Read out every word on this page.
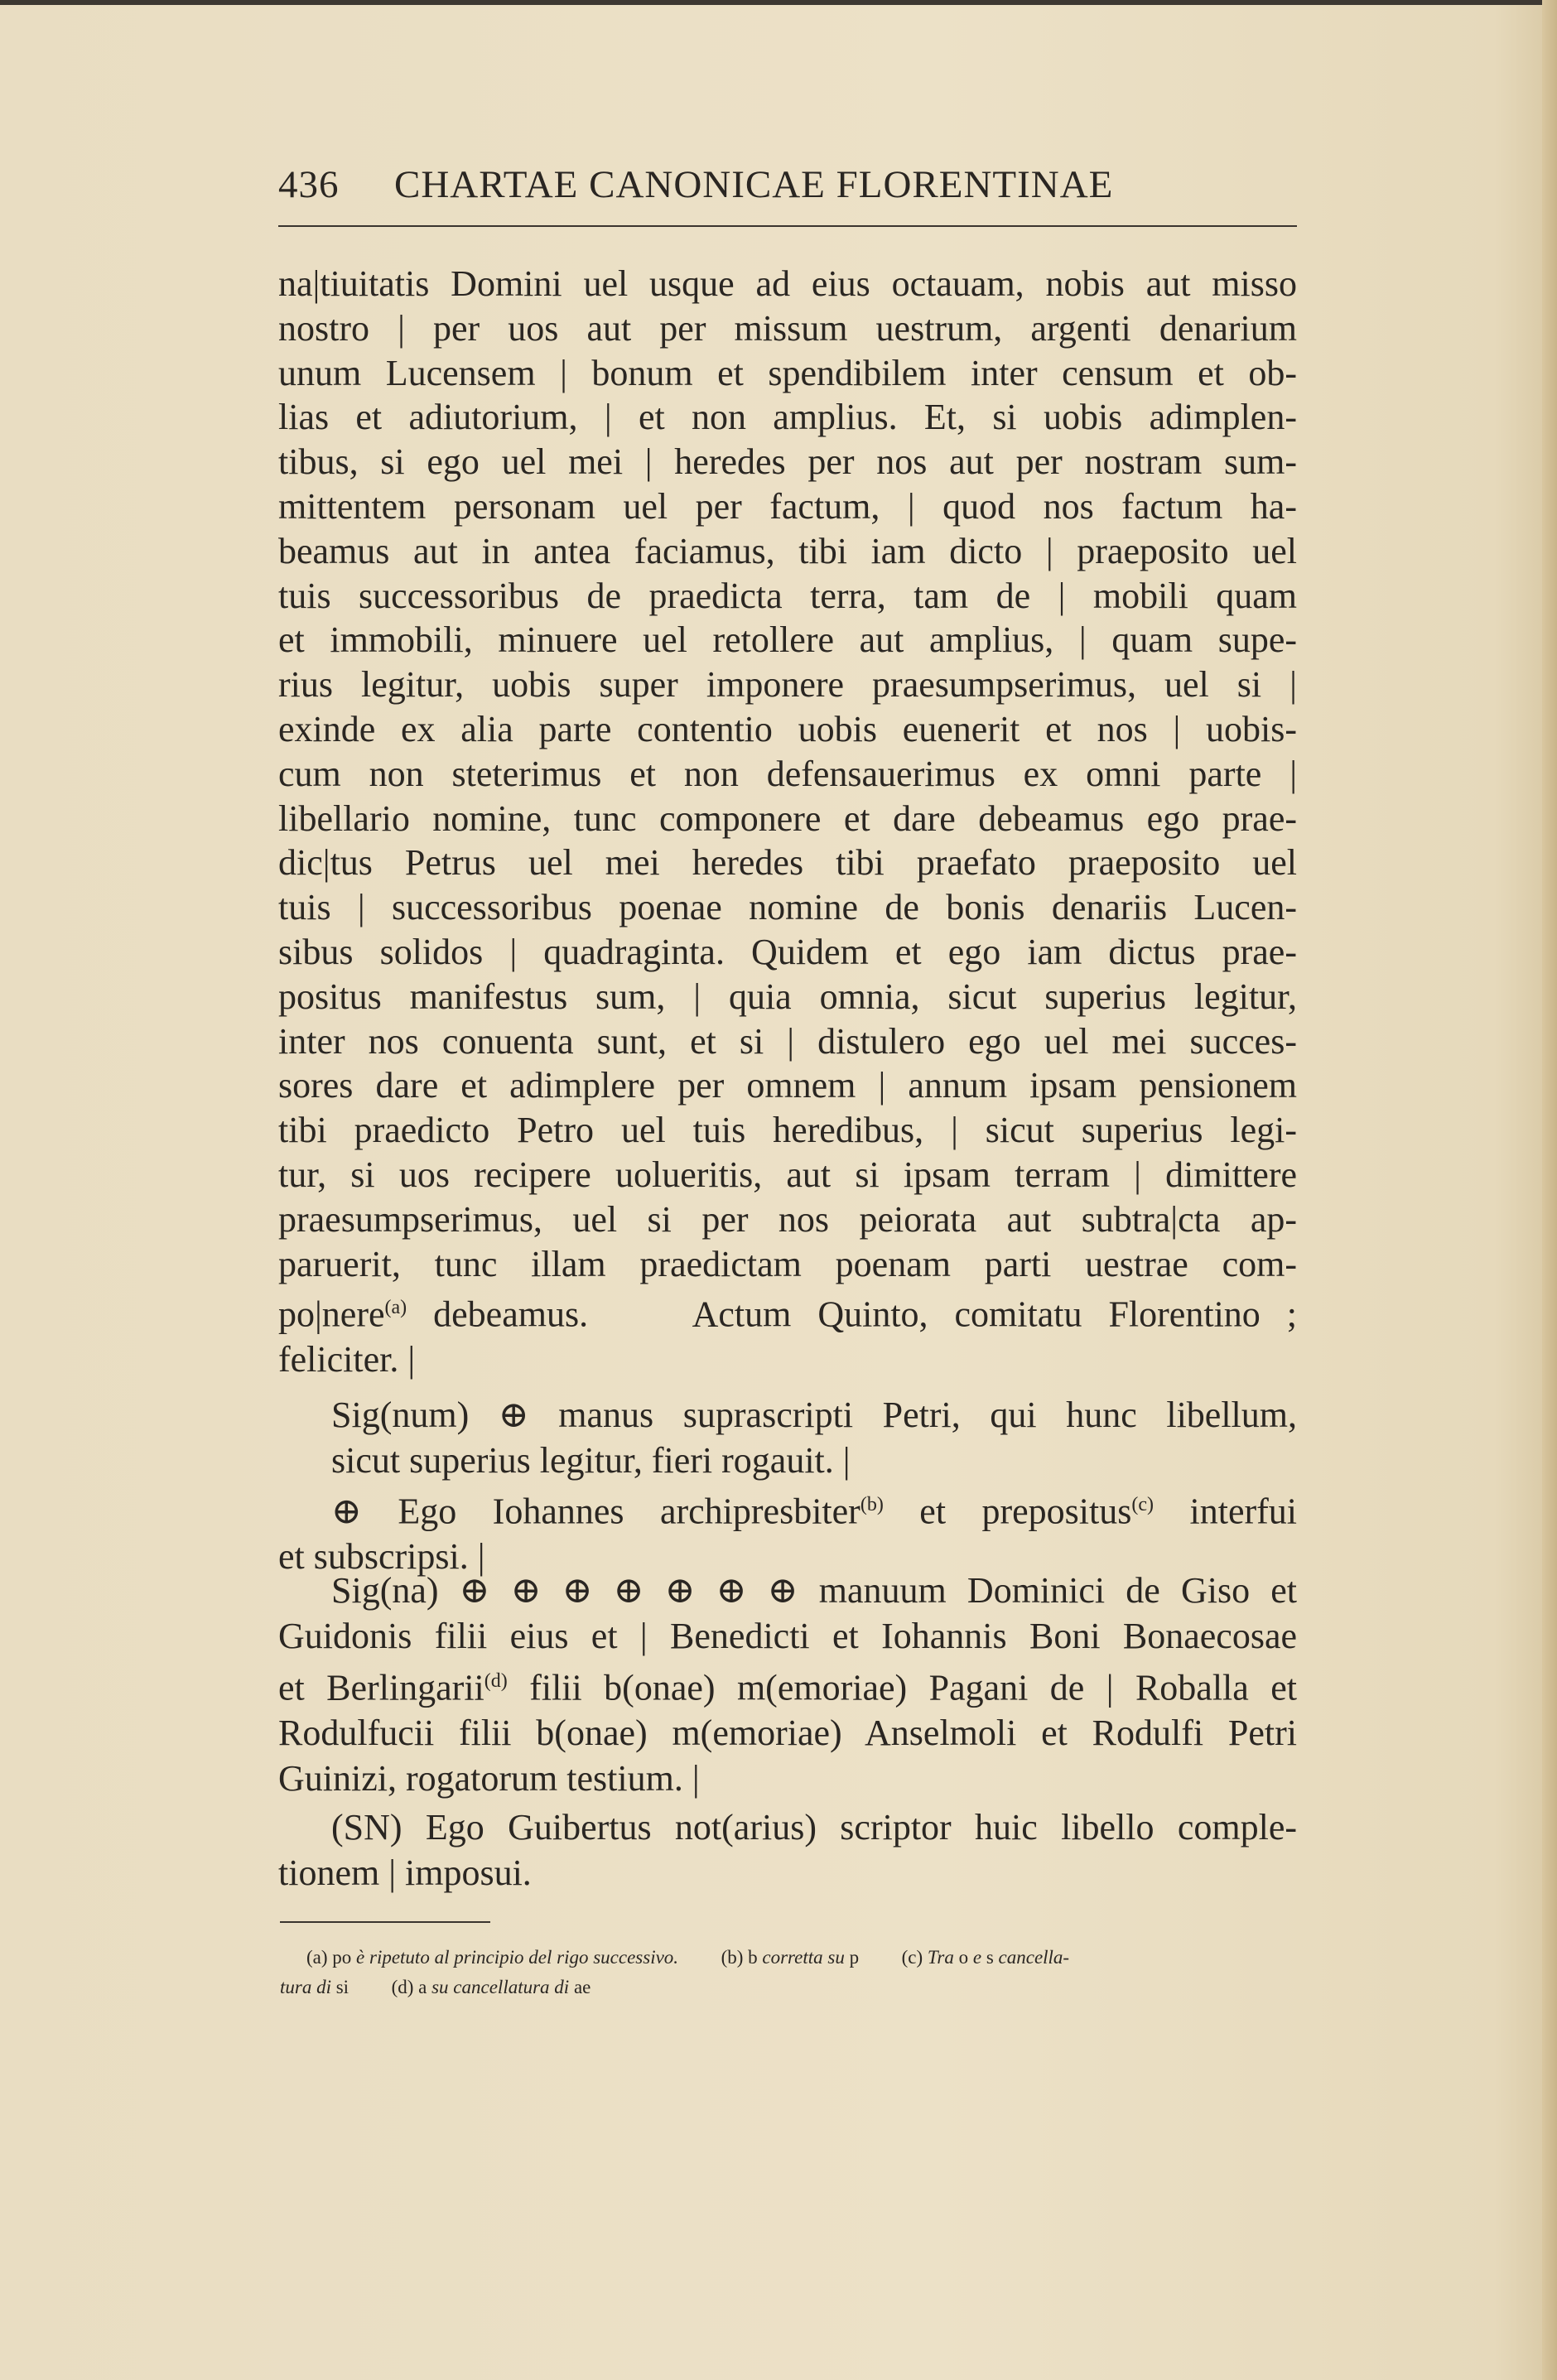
436 CHARTAE CANONICAE FLORENTINAE
na|tiuitatis Domini uel usque ad eius octauam, nobis aut misso
nostro | per uos aut per missum uestrum, argenti denarium
unum Lucensem | bonum et spendibilem inter censum et ob-
lias et adiutorium, | et non amplius. Et, si uobis adimplen-
tibus, si ego uel mei | heredes per nos aut per nostram sum-
mittentem personam uel per factum, | quod nos factum ha-
beamus aut in antea faciamus, tibi iam dicto | praeposito uel
tuis successoribus de praedicta terra, tam de | mobili quam
et immobili, minuere uel retollere aut amplius, | quam supe-
rius legitur, uobis super imponere praesumpserimus, uel si |
exinde ex alia parte contentio uobis euenerit et nos | uobis-
cum non steterimus et non defensauerimus ex omni parte |
libellario nomine, tunc componere et dare debeamus ego prae-
dic|tus Petrus uel mei heredes tibi praefato praeposito uel
tuis | successoribus poenae nomine de bonis denariis Lucen-
sibus solidos | quadraginta. Quidem et ego iam dictus prae-
positus manifestus sum, | quia omnia, sicut superius legitur,
inter nos conuenta sunt, et si | distulero ego uel mei succes-
sores dare et adimplere per omnem | annum ipsam pensionem
tibi praedicto Petro uel tuis heredibus, | sicut superius legi-
tur, si uos recipere uolueritis, aut si ipsam terram | dimittere
praesumpserimus, uel si per nos peiorata aut subtra|cta ap-
paruerit, tunc illam praedictam poenam parti uestrae com-
po|nere$^{(a)}$ debeamus.    Actum Quinto, comitatu Florentino ;
feliciter. |
Sig(num) ⊕ manus suprascripti Petri, qui hunc libellum,
sicut superius legitur, fieri rogauit. |
⊕ Ego Iohannes archipresbiter$^{(b)}$ et prepositus$^{(c)}$ interfui
et subscripsi. |
Sig(na) ⊕ ⊕ ⊕ ⊕ ⊕ ⊕ ⊕ manuum Dominici de Giso et
Guidonis filii eius et | Benedicti et Iohannis Boni Bonaecosae
et Berlingarii$^{(d)}$ filii b(onae) m(emoriae) Pagani de | Roballa et
Rodulfucii filii b(onae) m(emoriae) Anselmoli et Rodulfi Petri
Guinizi, rogatorum testium. |
(SN) Ego Guibertus not(arius) scriptor huic libello comple-
tionem | imposui.
(a) po è ripetuto al principio del rigo successivo. (b) b corretta su p (c) Tra o e s cancella-
tura di si (d) a su cancellatura di ae
